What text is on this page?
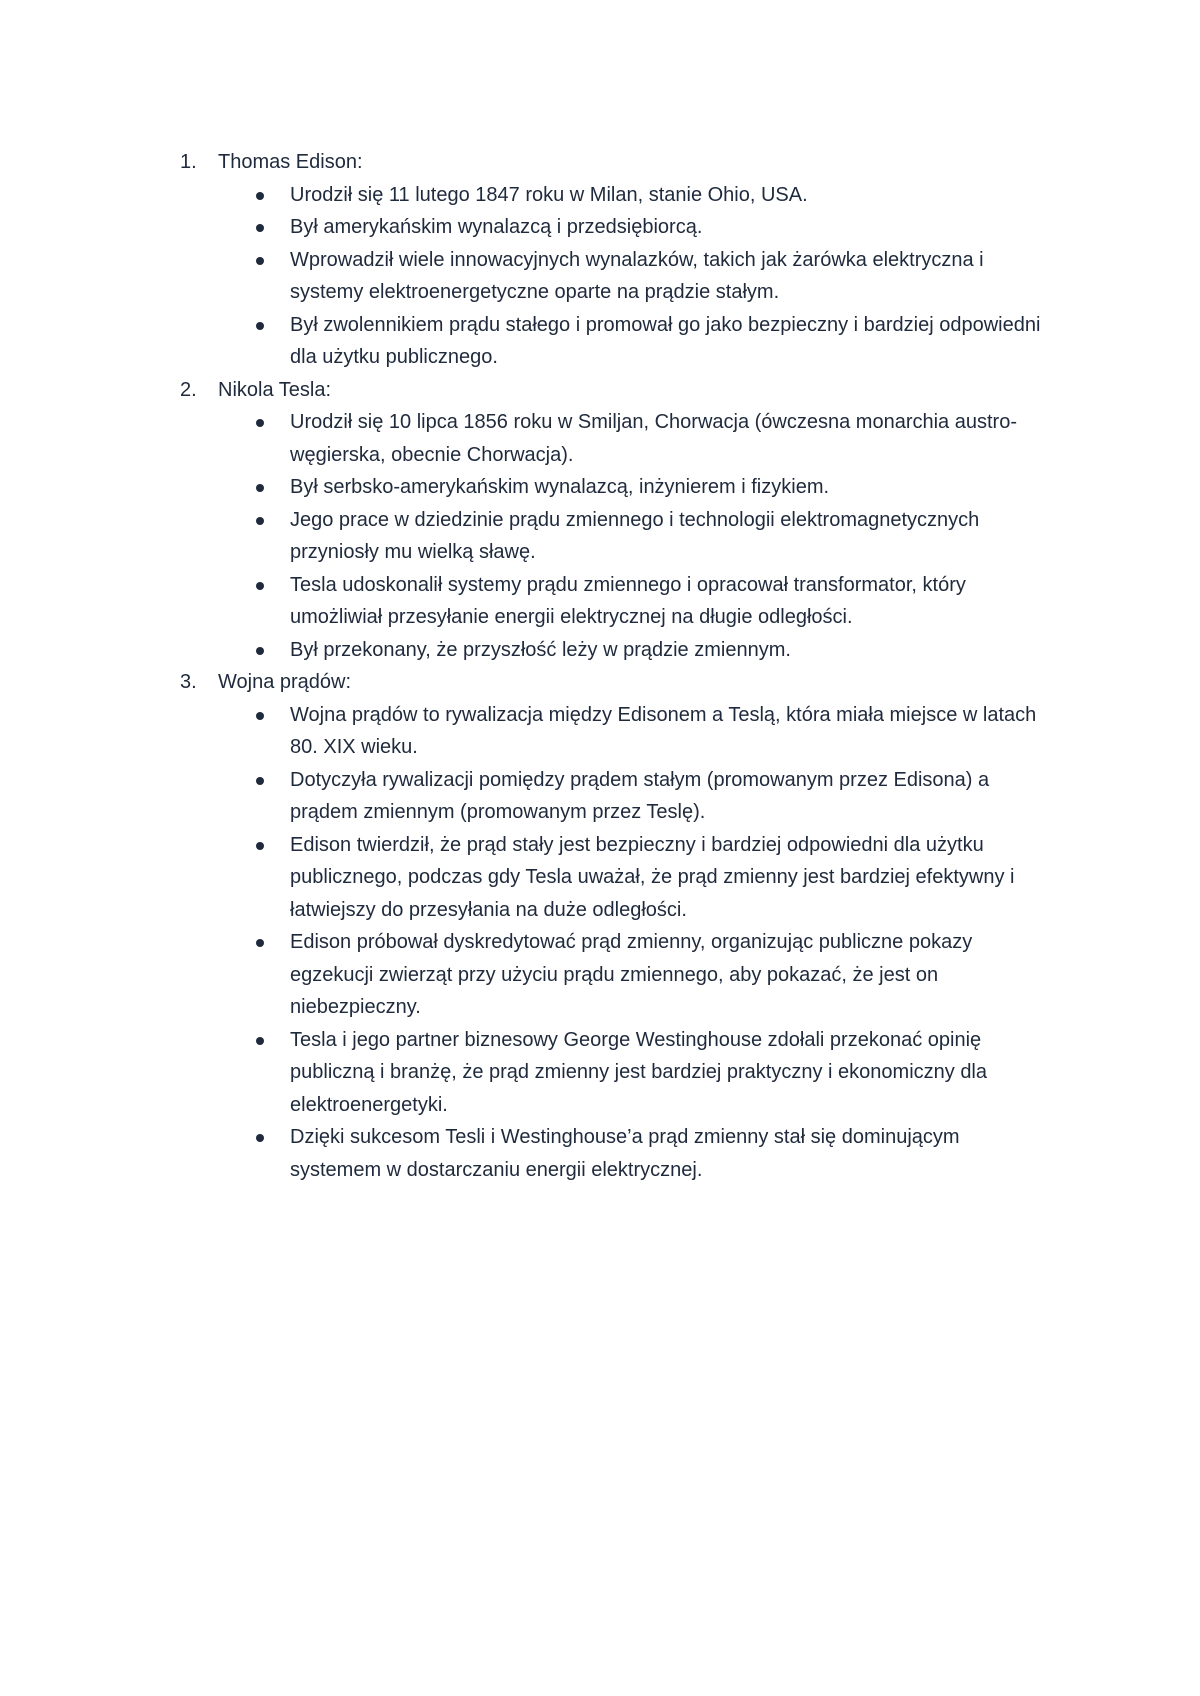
1.	Thomas Edison:
Urodził się 11 lutego 1847 roku w Milan, stanie Ohio, USA.
Był amerykańskim wynalazcą i przedsiębiorcą.
Wprowadził wiele innowacyjnych wynalazków, takich jak żarówka elektryczna i systemy elektroenergetyczne oparte na prądzie stałym.
Był zwolennikiem prądu stałego i promował go jako bezpieczny i bardziej odpowiedni dla użytku publicznego.
2.	Nikola Tesla:
Urodził się 10 lipca 1856 roku w Smiljan, Chorwacja (ówczesna monarchia austro-węgierska, obecnie Chorwacja).
Był serbsko-amerykańskim wynalazcą, inżynierem i fizykiem.
Jego prace w dziedzinie prądu zmiennego i technologii elektromagnetycznych przyniosły mu wielką sławę.
Tesla udoskonalił systemy prądu zmiennego i opracował transformator, który umożliwiał przesyłanie energii elektrycznej na długie odległości.
Był przekonany, że przyszłość leży w prądzie zmiennym.
3.	Wojna prądów:
Wojna prądów to rywalizacja między Edisonem a Teslą, która miała miejsce w latach 80. XIX wieku.
Dotyczyła rywalizacji pomiędzy prądem stałym (promowanym przez Edisona) a prądem zmiennym (promowanym przez Teslę).
Edison twierdził, że prąd stały jest bezpieczny i bardziej odpowiedni dla użytku publicznego, podczas gdy Tesla uważał, że prąd zmienny jest bardziej efektywny i łatwiejszy do przesyłania na duże odległości.
Edison próbował dyskredytować prąd zmienny, organizując publiczne pokazy egzekucji zwierząt przy użyciu prądu zmiennego, aby pokazać, że jest on niebezpieczny.
Tesla i jego partner biznesowy George Westinghouse zdołali przekonać opinię publiczną i branżę, że prąd zmienny jest bardziej praktyczny i ekonomiczny dla elektroenergetyki.
Dzięki sukcesom Tesli i Westinghouse’a prąd zmienny stał się dominującym systemem w dostarczaniu energii elektrycznej.
